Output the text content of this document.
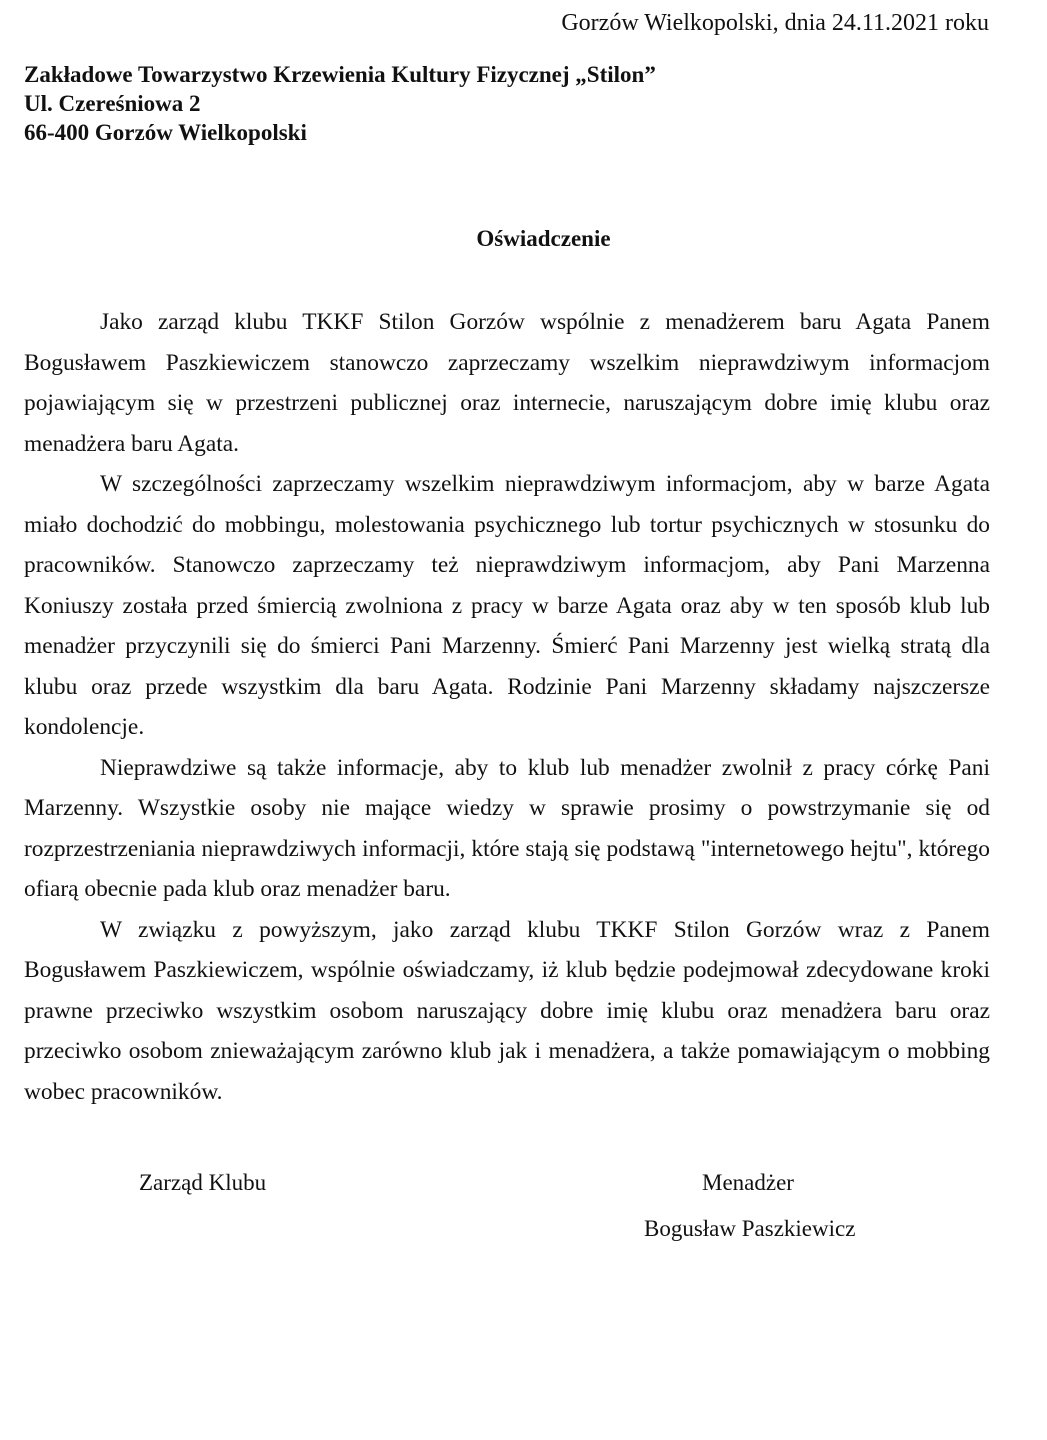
Gorzów Wielkopolski, dnia 24.11.2021 roku
Zakładowe Towarzystwo Krzewienia Kultury Fizycznej „Stilon”
Ul. Czereśniowa 2
66-400 Gorzów Wielkopolski
Oświadczenie

Jako zarząd klubu TKKF Stilon Gorzów wspólnie z menadżerem baru Agata Panem Bogusławem Paszkiewiczem stanowczo zaprzeczamy wszelkim nieprawdziwym informacjom pojawiającym się w przestrzeni publicznej oraz internecie, naruszającym dobre imię klubu oraz menadżera baru Agata.

W szczególności zaprzeczamy wszelkim nieprawdziwym informacjom, aby w barze Agata miało dochodzić do mobbingu, molestowania psychicznego lub tortur psychicznych w stosunku do pracowników. Stanowczo zaprzeczamy też nieprawdziwym informacjom, aby Pani Marzenna Koniuszy została przed śmiercią zwolniona z pracy w barze Agata oraz aby w ten sposób klub lub menadżer przyczynili się do śmierci Pani Marzenny. Śmierć Pani Marzenny jest wielką stratą dla klubu oraz przede wszystkim dla baru Agata. Rodzinie Pani Marzenny składamy najszczersze kondolencje.

Nieprawdziwe są także informacje, aby to klub lub menadżer zwolnił z pracy córkę Pani Marzenny. Wszystkie osoby nie mające wiedzy w sprawie prosimy o powstrzymanie się od rozprzestrzeniania nieprawdziwych informacji, które stają się podstawą "internetowego hejtu", którego ofiarą obecnie pada klub oraz menadżer baru.

W związku z powyższym, jako zarząd klubu TKKF Stilon Gorzów wraz z Panem Bogusławem Paszkiewiczem, wspólnie oświadczamy, iż klub będzie podejmował zdecydowane kroki prawne przeciwko wszystkim osobom naruszający dobre imię klubu oraz menadżera baru oraz przeciwko osobom znieważającym zarówno klub jak i menadżera, a także pomawiającym o mobbing wobec pracowników.

Zarząd Klubu	Menadżer
Bogusław Paszkiewicz
